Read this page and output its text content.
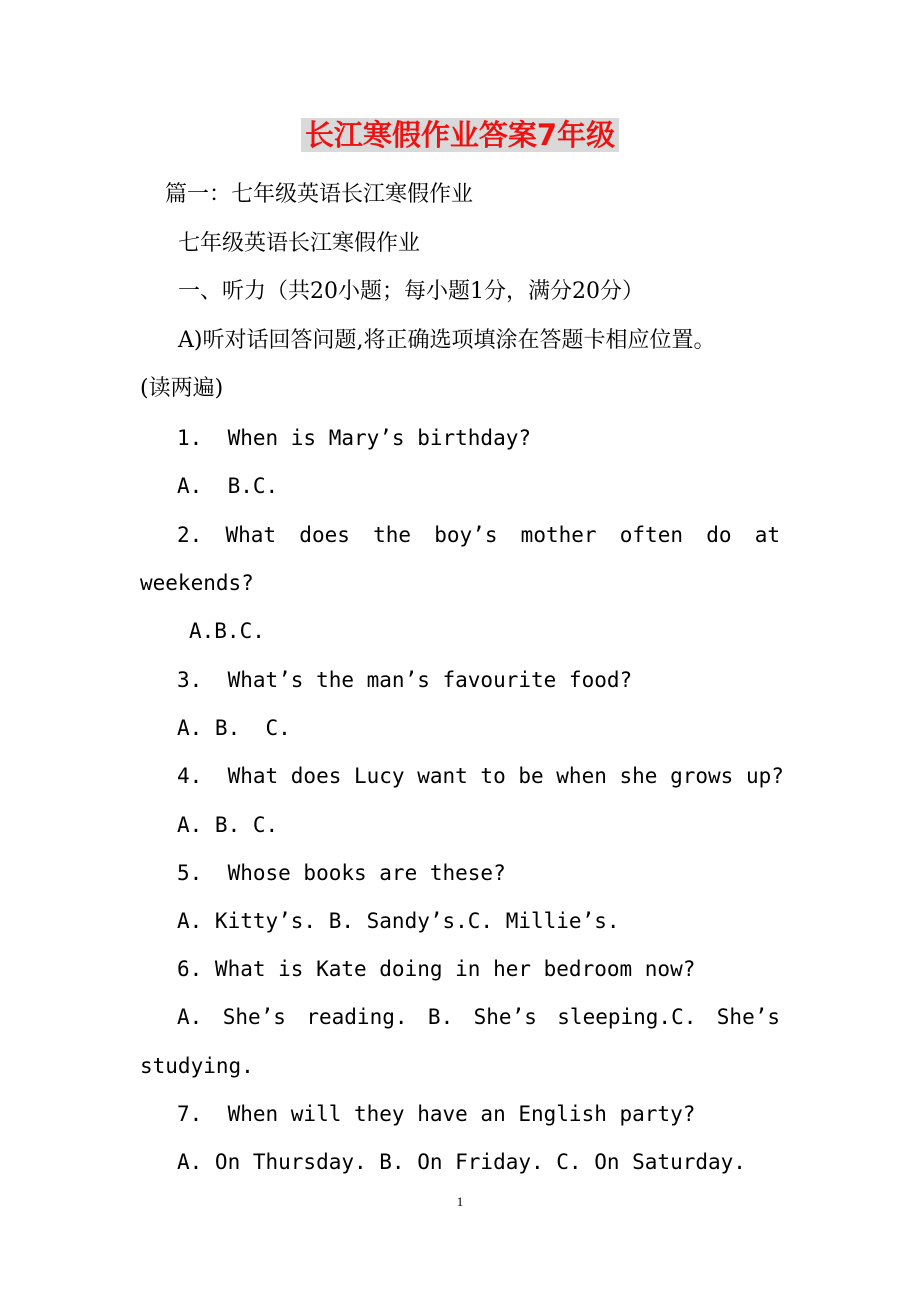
长江寒假作业答案7年级
篇一：七年级英语长江寒假作业
七年级英语长江寒假作业
一、听力（共20小题；每小题1分，满分20分）
A)听对话回答问题,将正确选项填涂在答题卡相应位置。
(读两遍)
1.  When is Mary’s birthday?
A.  B.C.
2. What does the boy’s mother often do at
weekends?
A.B.C.
3.  What’s the man’s favourite food?
A. B.  C.
4.  What does Lucy want to be when she grows up?
A. B. C.
5.  Whose books are these?
A. Kitty’s. B. Sandy’s.C. Millie’s.
6. What is Kate doing in her bedroom now?
A. She’s reading. B. She’s sleeping.C. She’s
studying.
7.  When will they have an English party?
A. On Thursday. B. On Friday. C. On Saturday.
1
